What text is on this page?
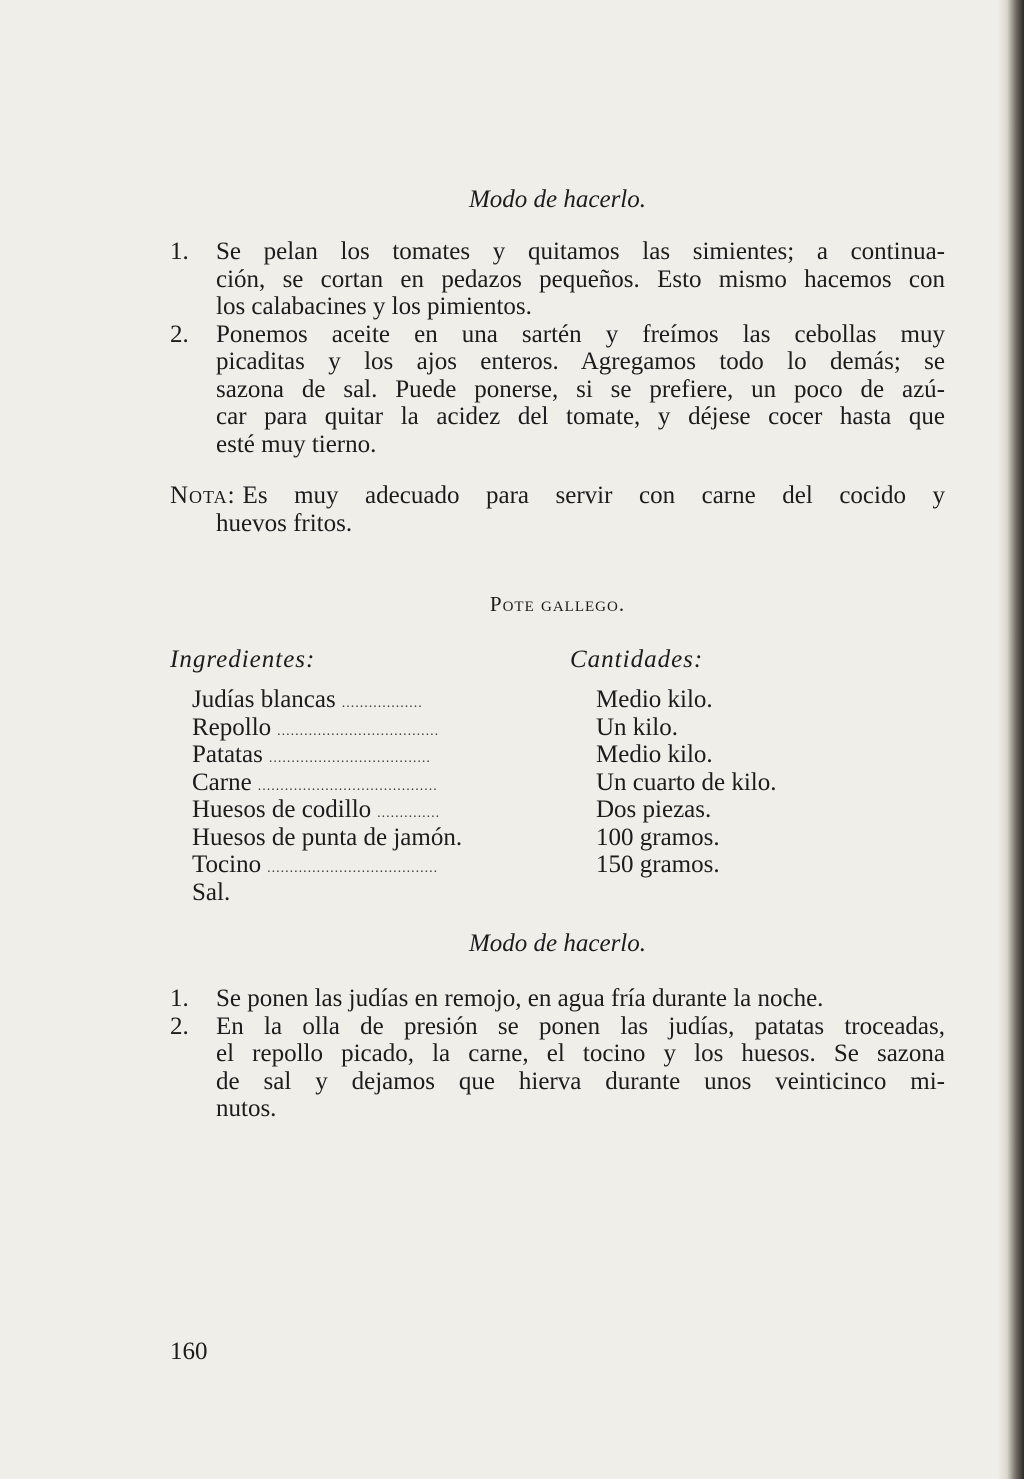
Modo de hacerlo.
1. Se pelan los tomates y quitamos las simientes; a continua-
ción, se cortan en pedazos pequeños. Esto mismo hacemos con
los calabacines y los pimientos.
2. Ponemos aceite en una sartén y freímos las cebollas muy
picaditas y los ajos enteros. Agregamos todo lo demás; se
sazona de sal. Puede ponerse, si se prefiere, un poco de azú-
car para quitar la acidez del tomate, y déjese cocer hasta que
esté muy tierno.
Nota: Es muy adecuado para servir con carne del cocido y
huevos fritos.
Pote gallego.
Ingredientes:	Cantidades:
Judías blancas ..................
Repollo ....................................
Patatas ....................................
Carne ........................................
Huesos de codillo ..............
Huesos de punta de jamón.
Tocino ......................................
Sal.
Medio kilo.
Un kilo.
Medio kilo.
Un cuarto de kilo.
Dos piezas.
100 gramos.
150 gramos.
Modo de hacerlo.
1. Se ponen las judías en remojo, en agua fría durante la noche.
2. En la olla de presión se ponen las judías, patatas troceadas,
el repollo picado, la carne, el tocino y los huesos. Se sazona
de sal y dejamos que hierva durante unos veinticinco mi-
nutos.
160
